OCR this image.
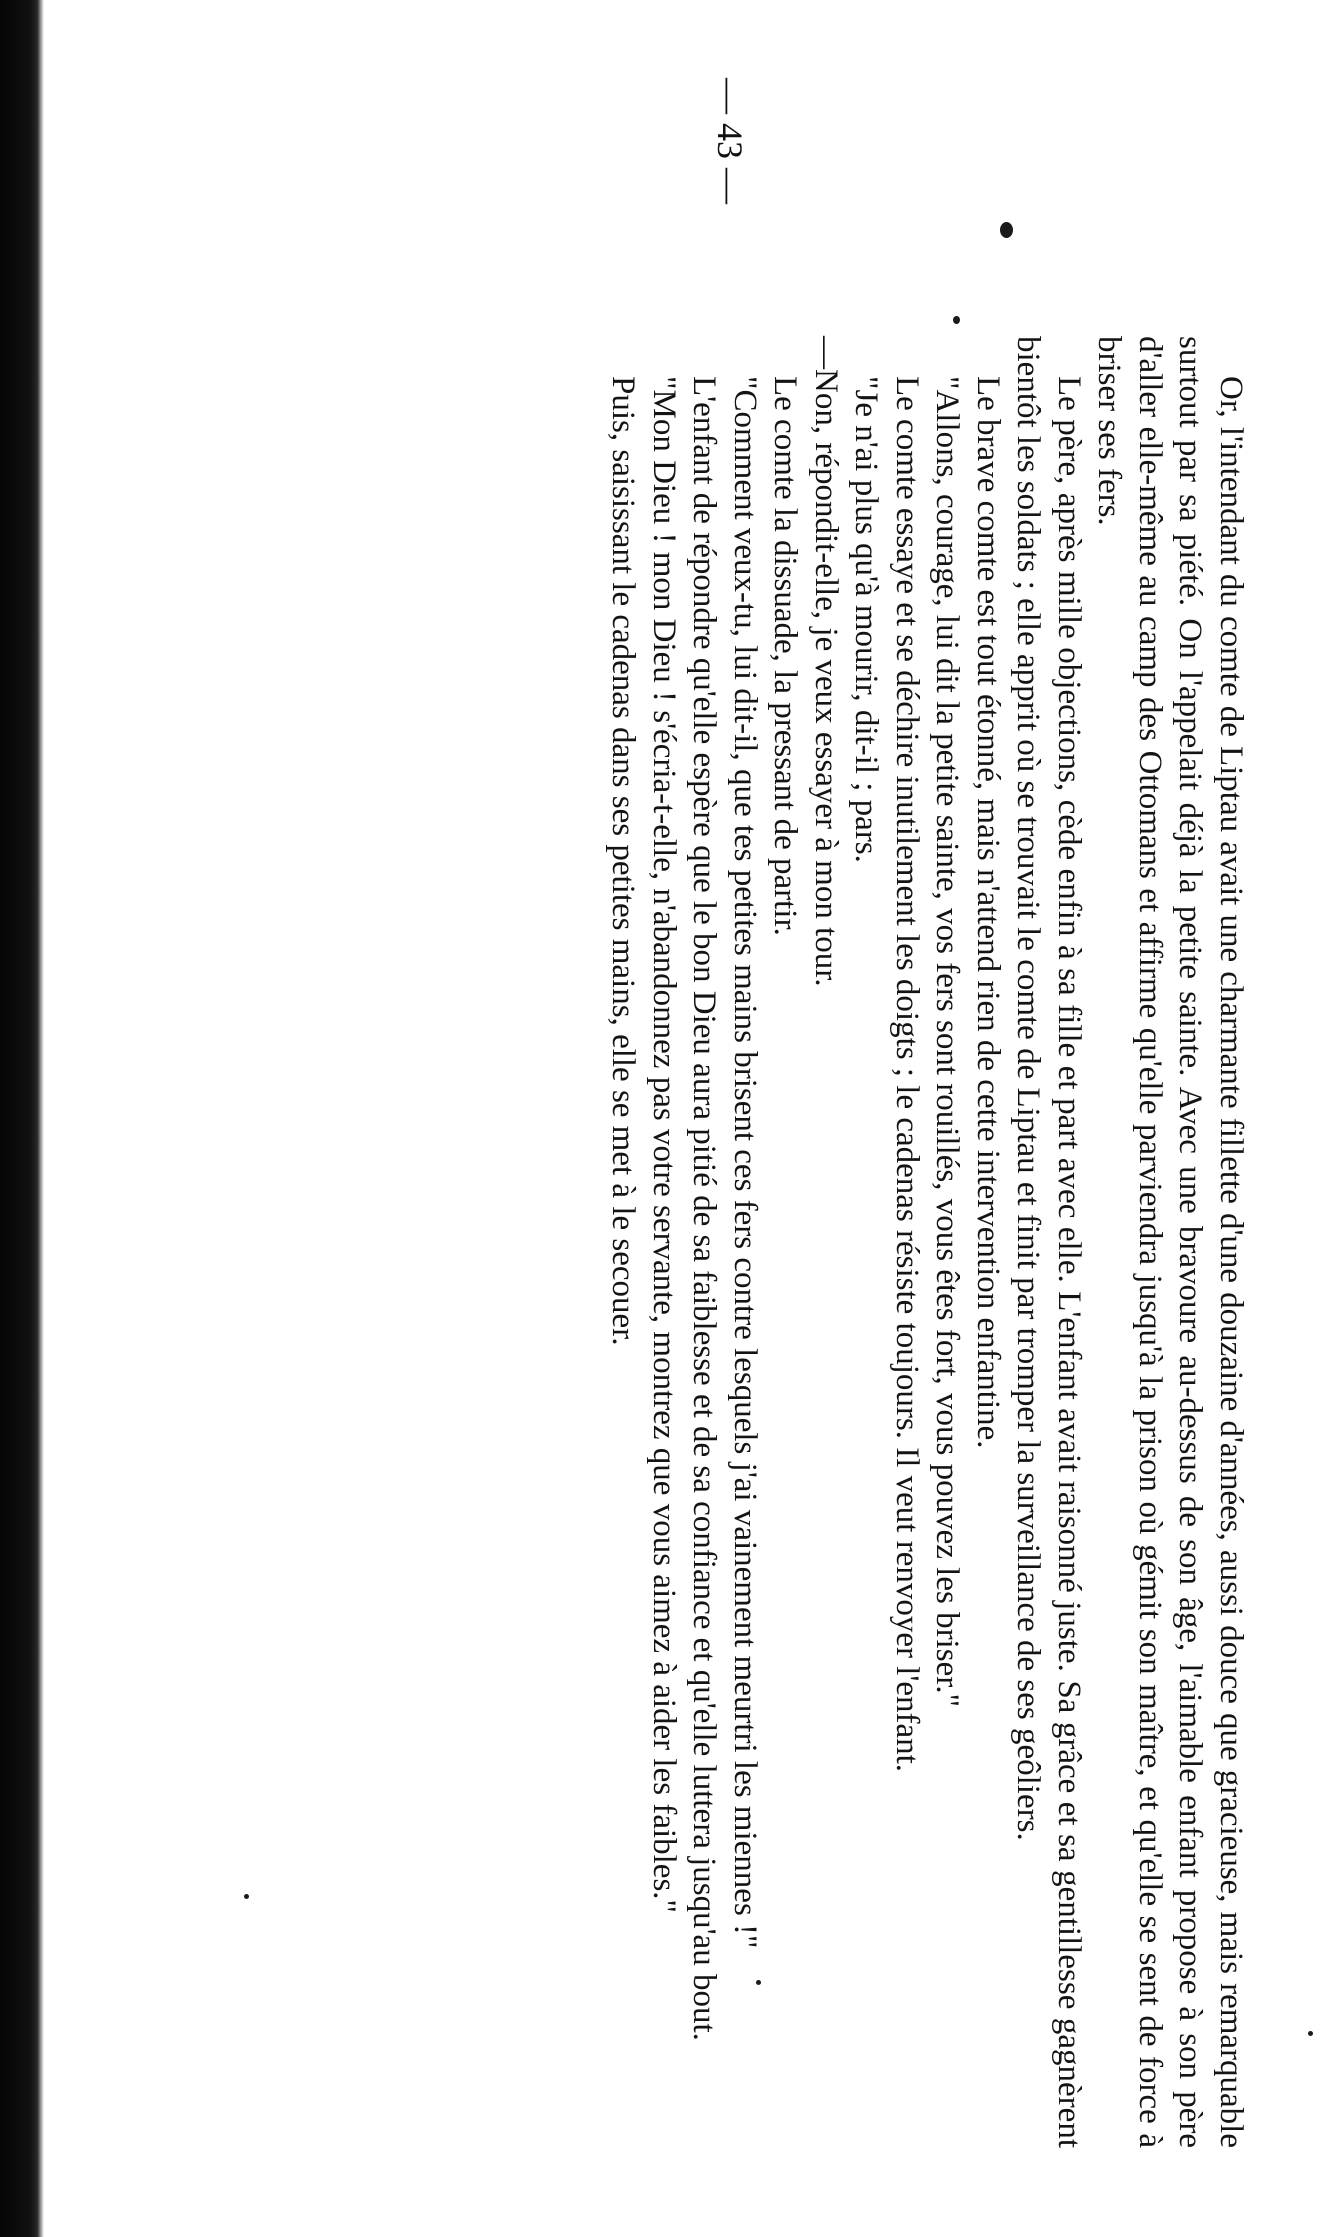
— 43 —

Or, l'intendant du comte de Liptau avait une charmante fillette d'une douzaine d'années, aussi douce que gracieuse, mais remarquable surtout par sa piété. On l'appelait déjà la petite sainte. Avec une bravoure au-dessus de son âge, l'aimable enfant propose à son père d'aller elle-même au camp des Ottomans et affirme qu'elle parviendra jusqu'à la prison où gémit son maître, et qu'elle se sent de force à briser ses fers.

Le père, après mille objections, cède enfin à sa fille et part avec elle. L'enfant avait raisonné juste. Sa grâce et sa gentillesse gagnèrent bientôt les soldats ; elle apprit où se trouvait le comte de Liptau et finit par tromper la surveillance de ses geôliers.

Le brave comte est tout étonné, mais n'attend rien de cette intervention enfantine.

"Allons, courage, lui dit la petite sainte, vos fers sont rouillés, vous êtes fort, vous pouvez les briser."

Le comte essaye et se déchire inutilement les doigts ; le cadenas résiste toujours. Il veut renvoyer l'enfant.

"Je n'ai plus qu'à mourir, dit-il ; pars.

—Non, répondit-elle, je veux essayer à mon tour.

Le comte la dissuade, la pressant de partir.

"Comment veux-tu, lui dit-il, que tes petites mains brisent ces fers contre lesquels j'ai vainement meurtri les miennes !"

L'enfant de répondre qu'elle espère que le bon Dieu aura pitié de sa faiblesse et de sa confiance et qu'elle luttera jusqu'au bout.

"Mon Dieu ! mon Dieu ! s'écria-t-elle, n'abandonnez pas votre servante, montrez que vous aimez à aider les faibles."

Puis, saisissant le cadenas dans ses petites mains, elle se met à le secouer.
